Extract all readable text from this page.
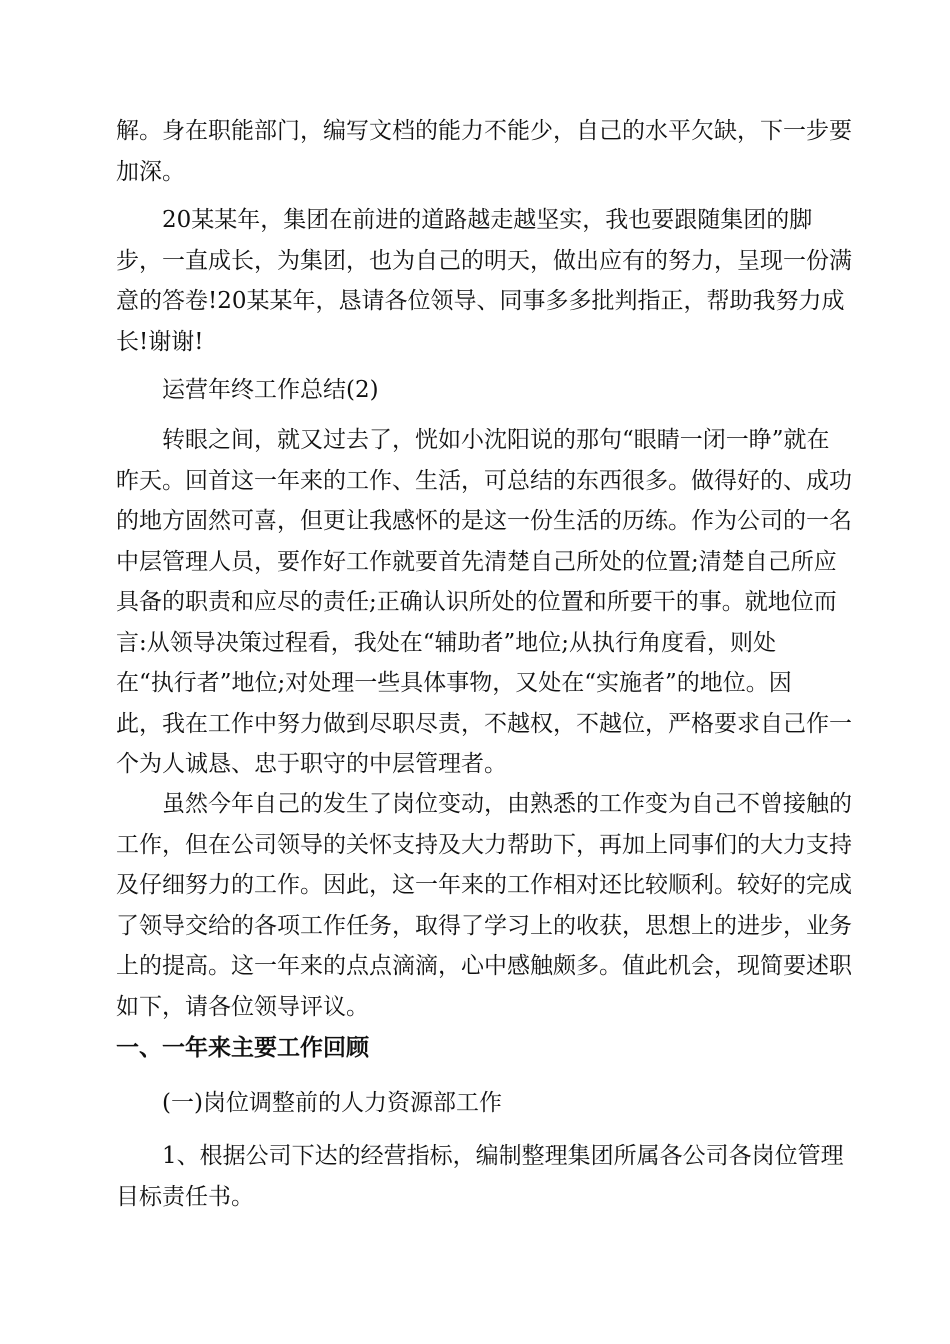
解。身在职能部门，编写文档的能力不能少，自己的水平欠缺，下一步要
加深。

20某某年，集团在前进的道路越走越坚实，我也要跟随集团的脚
步，一直成长，为集团，也为自己的明天，做出应有的努力，呈现一份满
意的答卷!20某某年，恳请各位领导、同事多多批判指正，帮助我努力成
长!谢谢!

运营年终工作总结(2)

转眼之间，就又过去了，恍如小沈阳说的那句“眼睛一闭一睁”就在
昨天。回首这一年来的工作、生活，可总结的东西很多。做得好的、成功
的地方固然可喜，但更让我感怀的是这一份生活的历练。作为公司的一名
中层管理人员，要作好工作就要首先清楚自己所处的位置;清楚自己所应
具备的职责和应尽的责任;正确认识所处的位置和所要干的事。就地位而
言:从领导决策过程看，我处在“辅助者”地位;从执行角度看，则处
在“执行者”地位;对处理一些具体事物，又处在“实施者”的地位。因
此，我在工作中努力做到尽职尽责，不越权，不越位，严格要求自己作一
个为人诚恳、忠于职守的中层管理者。

虽然今年自己的发生了岗位变动，由熟悉的工作变为自己不曾接触的
工作，但在公司领导的关怀支持及大力帮助下，再加上同事们的大力支持
及仔细努力的工作。因此，这一年来的工作相对还比较顺利。较好的完成
了领导交给的各项工作任务，取得了学习上的收获，思想上的进步，业务
上的提高。这一年来的点点滴滴，心中感触颇多。值此机会，现简要述职
如下，请各位领导评议。

一、一年来主要工作回顾

(一)岗位调整前的人力资源部工作

1、根据公司下达的经营指标，编制整理集团所属各公司各岗位管理
目标责任书。
